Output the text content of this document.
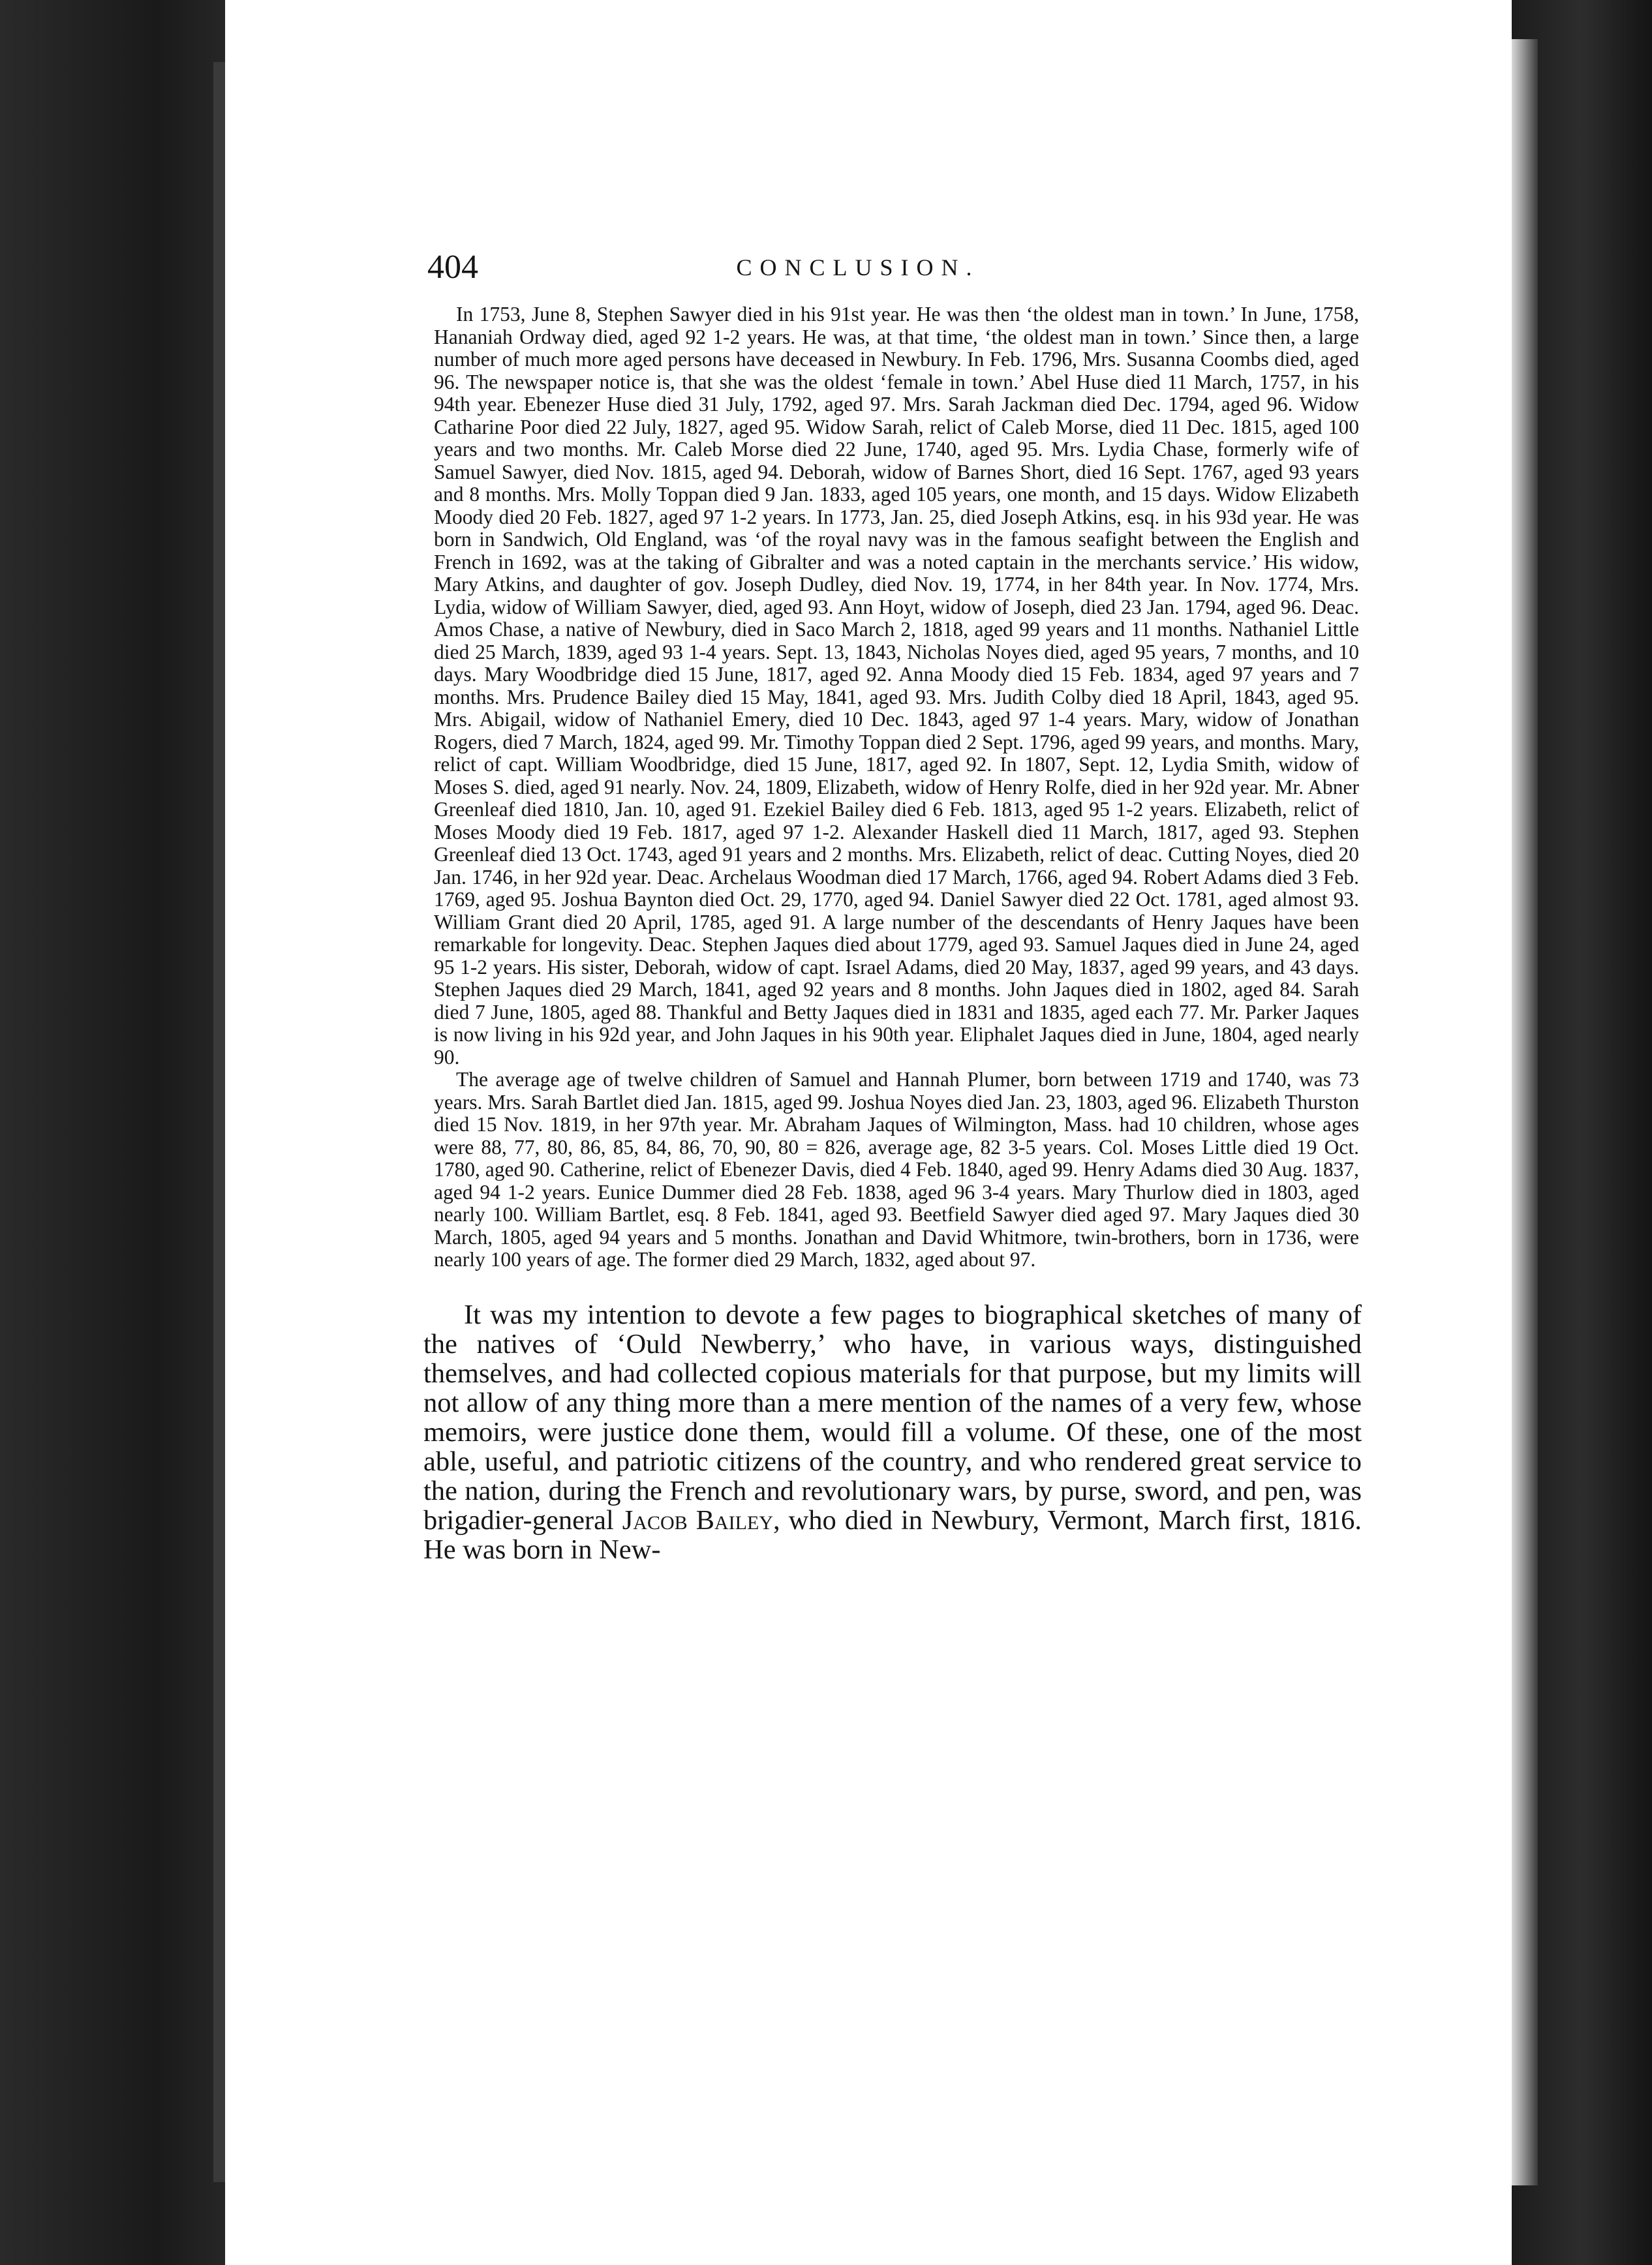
404	CONCLUSION.

In 1753, June 8, Stephen Sawyer died in his 91st year. He was then ‘the oldest man in town.’ In June, 1758, Hananiah Ordway died, aged 92 1-2 years. He was, at that time, ‘the oldest man in town.’ Since then, a large number of much more aged persons have deceased in Newbury. In Feb. 1796, Mrs. Susanna Coombs died, aged 96. The newspaper notice is, that she was the oldest ‘female in town.’ Abel Huse died 11 March, 1757, in his 94th year. Ebenezer Huse died 31 July, 1792, aged 97. Mrs. Sarah Jackman died Dec. 1794, aged 96. Widow Catharine Poor died 22 July, 1827, aged 95. Widow Sarah, relict of Caleb Morse, died 11 Dec. 1815, aged 100 years and two months. Mr. Caleb Morse died 22 June, 1740, aged 95. Mrs. Lydia Chase, formerly wife of Samuel Sawyer, died Nov. 1815, aged 94. Deborah, widow of Barnes Short, died 16 Sept. 1767, aged 93 years and 8 months. Mrs. Molly Toppan died 9 Jan. 1833, aged 105 years, one month, and 15 days. Widow Elizabeth Moody died 20 Feb. 1827, aged 97 1-2 years. In 1773, Jan. 25, died Joseph Atkins, esq. in his 93d year. He was born in Sandwich, Old England, was ‘of the royal navy was in the famous seafight between the English and French in 1692, was at the taking of Gibralter and was a noted captain in the merchants service.’ His widow, Mary Atkins, and daughter of gov. Joseph Dudley, died Nov. 19, 1774, in her 84th year. In Nov. 1774, Mrs. Lydia, widow of William Sawyer, died, aged 93. Ann Hoyt, widow of Joseph, died 23 Jan. 1794, aged 96. Deac. Amos Chase, a native of Newbury, died in Saco March 2, 1818, aged 99 years and 11 months. Nathaniel Little died 25 March, 1839, aged 93 1-4 years. Sept. 13, 1843, Nicholas Noyes died, aged 95 years, 7 months, and 10 days. Mary Woodbridge died 15 June, 1817, aged 92. Anna Moody died 15 Feb. 1834, aged 97 years and 7 months. Mrs. Prudence Bailey died 15 May, 1841, aged 93. Mrs. Judith Colby died 18 April, 1843, aged 95. Mrs. Abigail, widow of Nathaniel Emery, died 10 Dec. 1843, aged 97 1-4 years. Mary, widow of Jonathan Rogers, died 7 March, 1824, aged 99. Mr. Timothy Toppan died 2 Sept. 1796, aged 99 years, and months. Mary, relict of capt. William Woodbridge, died 15 June, 1817, aged 92. In 1807, Sept. 12, Lydia Smith, widow of Moses S. died, aged 91 nearly. Nov. 24, 1809, Elizabeth, widow of Henry Rolfe, died in her 92d year. Mr. Abner Greenleaf died 1810, Jan. 10, aged 91. Ezekiel Bailey died 6 Feb. 1813, aged 95 1-2 years. Elizabeth, relict of Moses Moody died 19 Feb. 1817, aged 97 1-2. Alexander Haskell died 11 March, 1817, aged 93. Stephen Greenleaf died 13 Oct. 1743, aged 91 years and 2 months. Mrs. Elizabeth, relict of deac. Cutting Noyes, died 20 Jan. 1746, in her 92d year. Deac. Archelaus Woodman died 17 March, 1766, aged 94. Robert Adams died 3 Feb. 1769, aged 95. Joshua Baynton died Oct. 29, 1770, aged 94. Daniel Sawyer died 22 Oct. 1781, aged almost 93. William Grant died 20 April, 1785, aged 91. A large number of the descendants of Henry Jaques have been remarkable for longevity. Deac. Stephen Jaques died about 1779, aged 93. Samuel Jaques died in June 24, aged 95 1-2 years. His sister, Deborah, widow of capt. Israel Adams, died 20 May, 1837, aged 99 years, and 43 days. Stephen Jaques died 29 March, 1841, aged 92 years and 8 months. John Jaques died in 1802, aged 84. Sarah died 7 June, 1805, aged 88. Thankful and Betty Jaques died in 1831 and 1835, aged each 77. Mr. Parker Jaques is now living in his 92d year, and John Jaques in his 90th year. Eliphalet Jaques died in June, 1804, aged nearly 90.

The average age of twelve children of Samuel and Hannah Plumer, born between 1719 and 1740, was 73 years. Mrs. Sarah Bartlet died Jan. 1815, aged 99. Joshua Noyes died Jan. 23, 1803, aged 96. Elizabeth Thurston died 15 Nov. 1819, in her 97th year. Mr. Abraham Jaques of Wilmington, Mass. had 10 children, whose ages were 88, 77, 80, 86, 85, 84, 86, 70, 90, 80 = 826, average age, 82 3-5 years. Col. Moses Little died 19 Oct. 1780, aged 90. Catherine, relict of Ebenezer Davis, died 4 Feb. 1840, aged 99. Henry Adams died 30 Aug. 1837, aged 94 1-2 years. Eunice Dummer died 28 Feb. 1838, aged 96 3-4 years. Mary Thurlow died in 1803, aged nearly 100. William Bartlet, esq. 8 Feb. 1841, aged 93. Beetfield Sawyer died aged 97. Mary Jaques died 30 March, 1805, aged 94 years and 5 months. Jonathan and David Whitmore, twin-brothers, born in 1736, were nearly 100 years of age. The former died 29 March, 1832, aged about 97.

It was my intention to devote a few pages to biographical sketches of many of the natives of ‘Ould Newberry,’ who have, in various ways, distinguished themselves, and had collected copious materials for that purpose, but my limits will not allow of any thing more than a mere mention of the names of a very few, whose memoirs, were justice done them, would fill a volume. Of these, one of the most able, useful, and patriotic citizens of the country, and who rendered great service to the nation, during the French and revolutionary wars, by purse, sword, and pen, was brigadier-general Jacob Bailey, who died in Newbury, Vermont, March first, 1816. He was born in New-
